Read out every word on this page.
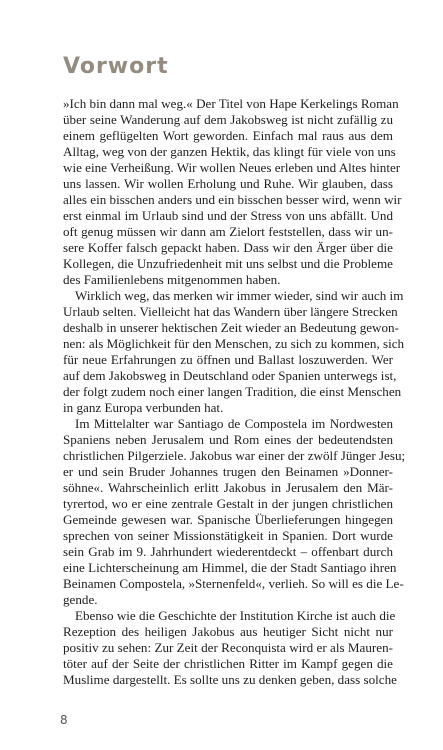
Vorwort
»Ich bin dann mal weg.« Der Titel von Hape Kerkelings Roman
über seine Wanderung auf dem Jakobsweg ist nicht zufällig zu
einem geflügelten Wort geworden. Einfach mal raus aus dem
Alltag, weg von der ganzen Hektik, das klingt für viele von uns
wie eine Verheißung. Wir wollen Neues erleben und Altes hinter
uns lassen. Wir wollen Erholung und Ruhe. Wir glauben, dass
alles ein bisschen anders und ein bisschen besser wird, wenn wir
erst einmal im Urlaub sind und der Stress von uns abfällt. Und
oft genug müssen wir dann am Zielort feststellen, dass wir un-
sere Koffer falsch gepackt haben. Dass wir den Ärger über die
Kollegen, die Unzufriedenheit mit uns selbst und die Probleme
des Familienlebens mitgenommen haben.
Wirklich weg, das merken wir immer wieder, sind wir auch im
Urlaub selten. Vielleicht hat das Wandern über längere Strecken
deshalb in unserer hektischen Zeit wieder an Bedeutung gewon-
nen: als Möglichkeit für den Menschen, zu sich zu kommen, sich
für neue Erfahrungen zu öffnen und Ballast loszuwerden. Wer
auf dem Jakobsweg in Deutschland oder Spanien unterwegs ist,
der folgt zudem noch einer langen Tradition, die einst Menschen
in ganz Europa verbunden hat.
Im Mittelalter war Santiago de Compostela im Nordwesten
Spaniens neben Jerusalem und Rom eines der bedeutendsten
christlichen Pilgerziele. Jakobus war einer der zwölf Jünger Jesu;
er und sein Bruder Johannes trugen den Beinamen »Donner-
söhne«. Wahrscheinlich erlitt Jakobus in Jerusalem den Mär-
tyrertod, wo er eine zentrale Gestalt in der jungen christlichen
Gemeinde gewesen war. Spanische Überlieferungen hingegen
sprechen von seiner Missionstätigkeit in Spanien. Dort wurde
sein Grab im 9. Jahrhundert wiederentdeckt – offenbart durch
eine Lichterscheinung am Himmel, die der Stadt Santiago ihren
Beinamen Compostela, »Sternenfeld«, verlieh. So will es die Le-
gende.
Ebenso wie die Geschichte der Institution Kirche ist auch die
Rezeption des heiligen Jakobus aus heutiger Sicht nicht nur
positiv zu sehen: Zur Zeit der Reconquista wird er als Mauren-
töter auf der Seite der christlichen Ritter im Kampf gegen die
Muslime dargestellt. Es sollte uns zu denken geben, dass solche
8
